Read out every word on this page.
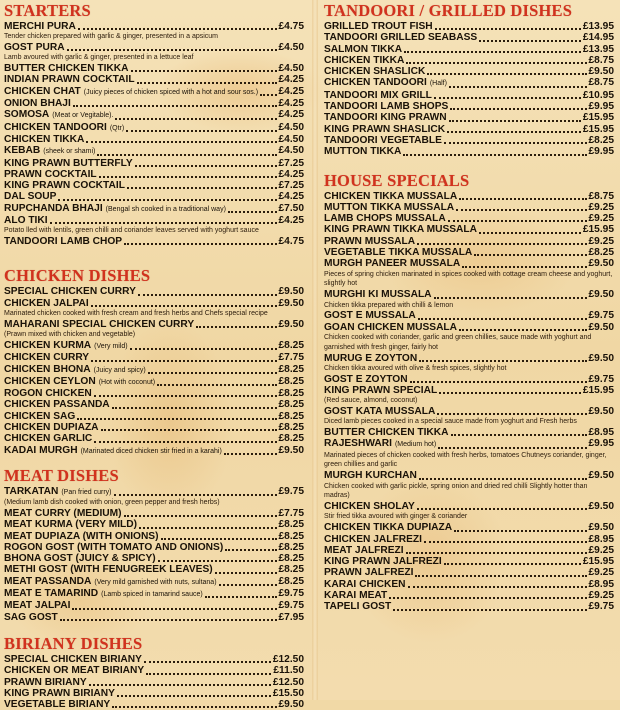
STARTERS
MERCHI PURA	£4.75
Tender chicken prepared with garlic & ginger, presented in a apsicum
GOST PURA	£4.50
Lamb avoured with garlic & ginger, presented in a lettuce leaf
BUTTER CHICKEN TIKKA	£4.50
INDIAN PRAWN COCKTAIL	£4.25
CHICKEN CHAT (Juicy pieces of chicken spiced with a hot and sour sos.) £4.25
ONION BHAJI	£4.25
SOMOSA (Meat or Vegitable).	£4.25
CHICKEN TANDOORI (Qtr)	£4.50
CHICKEN TIKKA	£4.50
KEBAB (sheek or shami)	£4.50
KING PRAWN BUTTERFLY	£7.25
PRAWN COCKTAIL	£4.25
KING PRAWN COCKTAIL	£7.25
DAL SOUP	£4.25
RUPCHANDA BHAJI (Bengal sh cooked in a traditional way)	£7.50
ALO TIKI	£4.25
Potato lled with lentils, green chilli and coriander leaves served with yoghurt sauce
TANDOORI LAMB CHOP	£4.75
CHICKEN DISHES
SPECIAL CHICKEN CURRY	£9.50
CHICKEN JALPAI	£9.50
Marinated chicken cooked with fresh cream and fresh herbs and Chefs special recipe
MAHARANI SPECIAL CHICKEN CURRY	£9.50
(Prawn mixed with chicken and vegetable)
CHICKEN KURMA (Very mild)	£8.25
CHICKEN CURRY	£7.75
CHICKEN BHONA (Juicy and spicy)	£8.25
CHICKEN CEYLON (Hot with coconut)	£8.25
ROGON CHICKEN	£8.25
CHICKEN PASSANDA	£8.25
CHICKEN SAG	£8.25
CHICKEN DUPIAZA	£8.25
CHICKEN GARLIC	£8.25
KADAI MURGH (Marinated diced chicken stir fried in a karahi)	£9.50
MEAT DISHES
TARKATAN (Pan fried curry)	£9.75
(Medium lamb dish cooked with onion, green pepper and fresh herbs)
MEAT CURRY (MEDIUM)	£7.75
MEAT KURMA (VERY MILD)	£8.25
MEAT DUPIAZA (WITH ONIONS)	£8.25
ROGON GOST (WITH TOMATO AND ONIONS)	£8.25
BHONA GOST (JUICY & SPICY)	£8.25
METHI GOST (WITH FENUGREEK LEAVES)	£8.25
MEAT PASSANDA (Very mild garnished with nuts, sultana)	£8.25
MEAT E TAMARIND (Lamb spiced in tamarind sauce)	£9.75
MEAT JALPAI	£9.75
SAG GOST	£7.95
BIRIANY DISHES
SPECIAL CHICKEN BIRIANY	£12.50
CHICKEN OR MEAT BIRIANY	£11.50
PRAWN BIRIANY	£12.50
KING PRAWN BIRIANY	£15.50
VEGETABLE BIRIANY	£9.50
TANDOORI / GRILLED DISHES
GRILLED TROUT FISH	£13.95
TANDOORI GRILLED SEABASS	£14.95
SALMON TIKKA	£13.95
CHICKEN TIKKA	£8.75
CHICKEN SHASLICK	£9.50
CHICKEN TANDOORI (Half)	£8.75
TANDOORI MIX GRILL	£10.95
TANDOORI LAMB SHOPS	£9.95
TANDOORI KING PRAWN	£15.95
KING PRAWN SHASLICK	£15.95
TANDOORI VEGETABLE	£8.25
MUTTON TIKKA	£9.95
HOUSE SPECIALS
CHICKEN TIKKA MUSSALA	£8.75
MUTTON TIKKA MUSSALA	£9.25
LAMB CHOPS MUSSALA	£9.25
KING PRAWN TIKKA MUSSALA	£15.95
PRAWN MUSSALA	£9.25
VEGETABLE TIKKA MUSSALA	£8.25
MURGH PANEER MUSSALA	£9.50
Pieces of spring chicken marinated in spices cooked with cottage cream cheese and yoghurt, slightly hot
MURGHI KI MUSSALA	£9.50
Chicken tikka prepared with chilli & lemon
GOST E MUSSALA	£9.75
GOAN CHICKEN MUSSALA	£9.50
Chicken cooked with coriander, garlic and green chillies, sauce made with yoghurt and garnished with fresh ginger, fairly hot
MURUG E ZOYTON	£9.50
Chicken tikka avoured with olive & fresh spices, slightly hot
GOST E ZOYTON	£9.75
KING PRAWN SPECIAL	£15.95
(Red sauce, almond, coconut)
GOST KATA MUSSALA	£9.50
Diced lamb pieces cooked in a special sauce made from yoghurt and Fresh herbs
BUTTER CHICKEN TIKKA	£8.95
RAJESHWARI (Medium hot)	£9.95
Marinated pieces of chicken cooked with fresh herbs, tomatoes Chutneys coriander, ginger, green chillies and garlic
MURGH KURCHAN	£9.50
Chicken cooked with garlic pickle, spring onion and dried red chilli Slightly hotter than madras)
CHICKEN SHOLAY	£9.50
Stir fried tikka avoured with ginger & coriander
CHICKEN TIKKA DUPIAZA	£9.50
CHICKEN JALFREZI	£8.95
MEAT JALFREZI	£9.25
KING PRAWN JALFREZI	£15.95
PRAWN JALFREZI	£9.25
KARAI CHICKEN	£8.95
KARAI MEAT	£9.25
TAPELI GOST	£9.75
